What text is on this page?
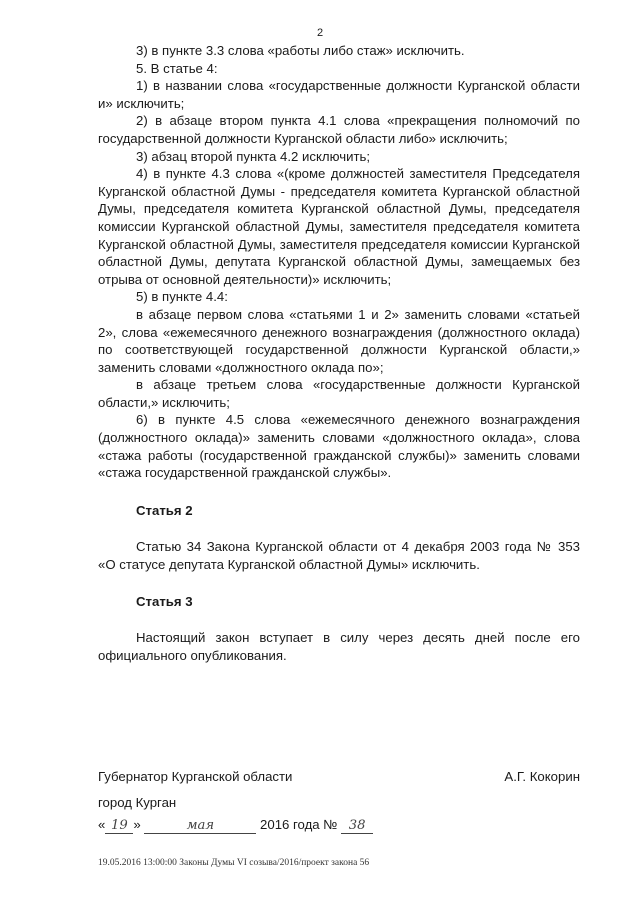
2

3) в пункте 3.3 слова «работы либо стаж» исключить.

5. В статье 4:

1) в названии слова «государственные должности Курганской области и» исключить;

2) в абзаце втором пункта 4.1 слова «прекращения полномочий по государственной должности Курганской области либо» исключить;

3) абзац второй пункта 4.2 исключить;

4) в пункте 4.3 слова «(кроме должностей заместителя Председателя Курганской областной Думы - председателя комитета Курганской областной Думы, председателя комитета Курганской областной Думы, председателя комиссии Курганской областной Думы, заместителя председателя комитета Курганской областной Думы, заместителя председателя комиссии Курганской областной Думы, депутата Курганской областной Думы, замещаемых без отрыва от основной деятельности)» исключить;

5) в пункте 4.4:

в абзаце первом слова «статьями 1 и 2» заменить словами «статьей 2», слова «ежемесячного денежного вознаграждения (должностного оклада) по соответствующей государственной должности Курганской области,» заменить словами «должностного оклада по»;

в абзаце третьем слова «государственные должности Курганской области,» исключить;

6) в пункте 4.5 слова «ежемесячного денежного вознаграждения (должностного оклада)» заменить словами «должностного оклада», слова «стажа работы (государственной гражданской службы)» заменить словами «стажа государственной гражданской службы».

Статья 2

Статью 34 Закона Курганской области от 4 декабря 2003 года № 353 «О статусе депутата Курганской областной Думы» исключить.

Статья 3

Настоящий закон вступает в силу через десять дней после его официального опубликования.

Губернатор Курганской области	А.Г. Кокорин
город Курган
« 19 »	мая	2016 года № 38
19.05.2016 13:00:00 Законы Думы VI созыва/2016/проект закона 56
